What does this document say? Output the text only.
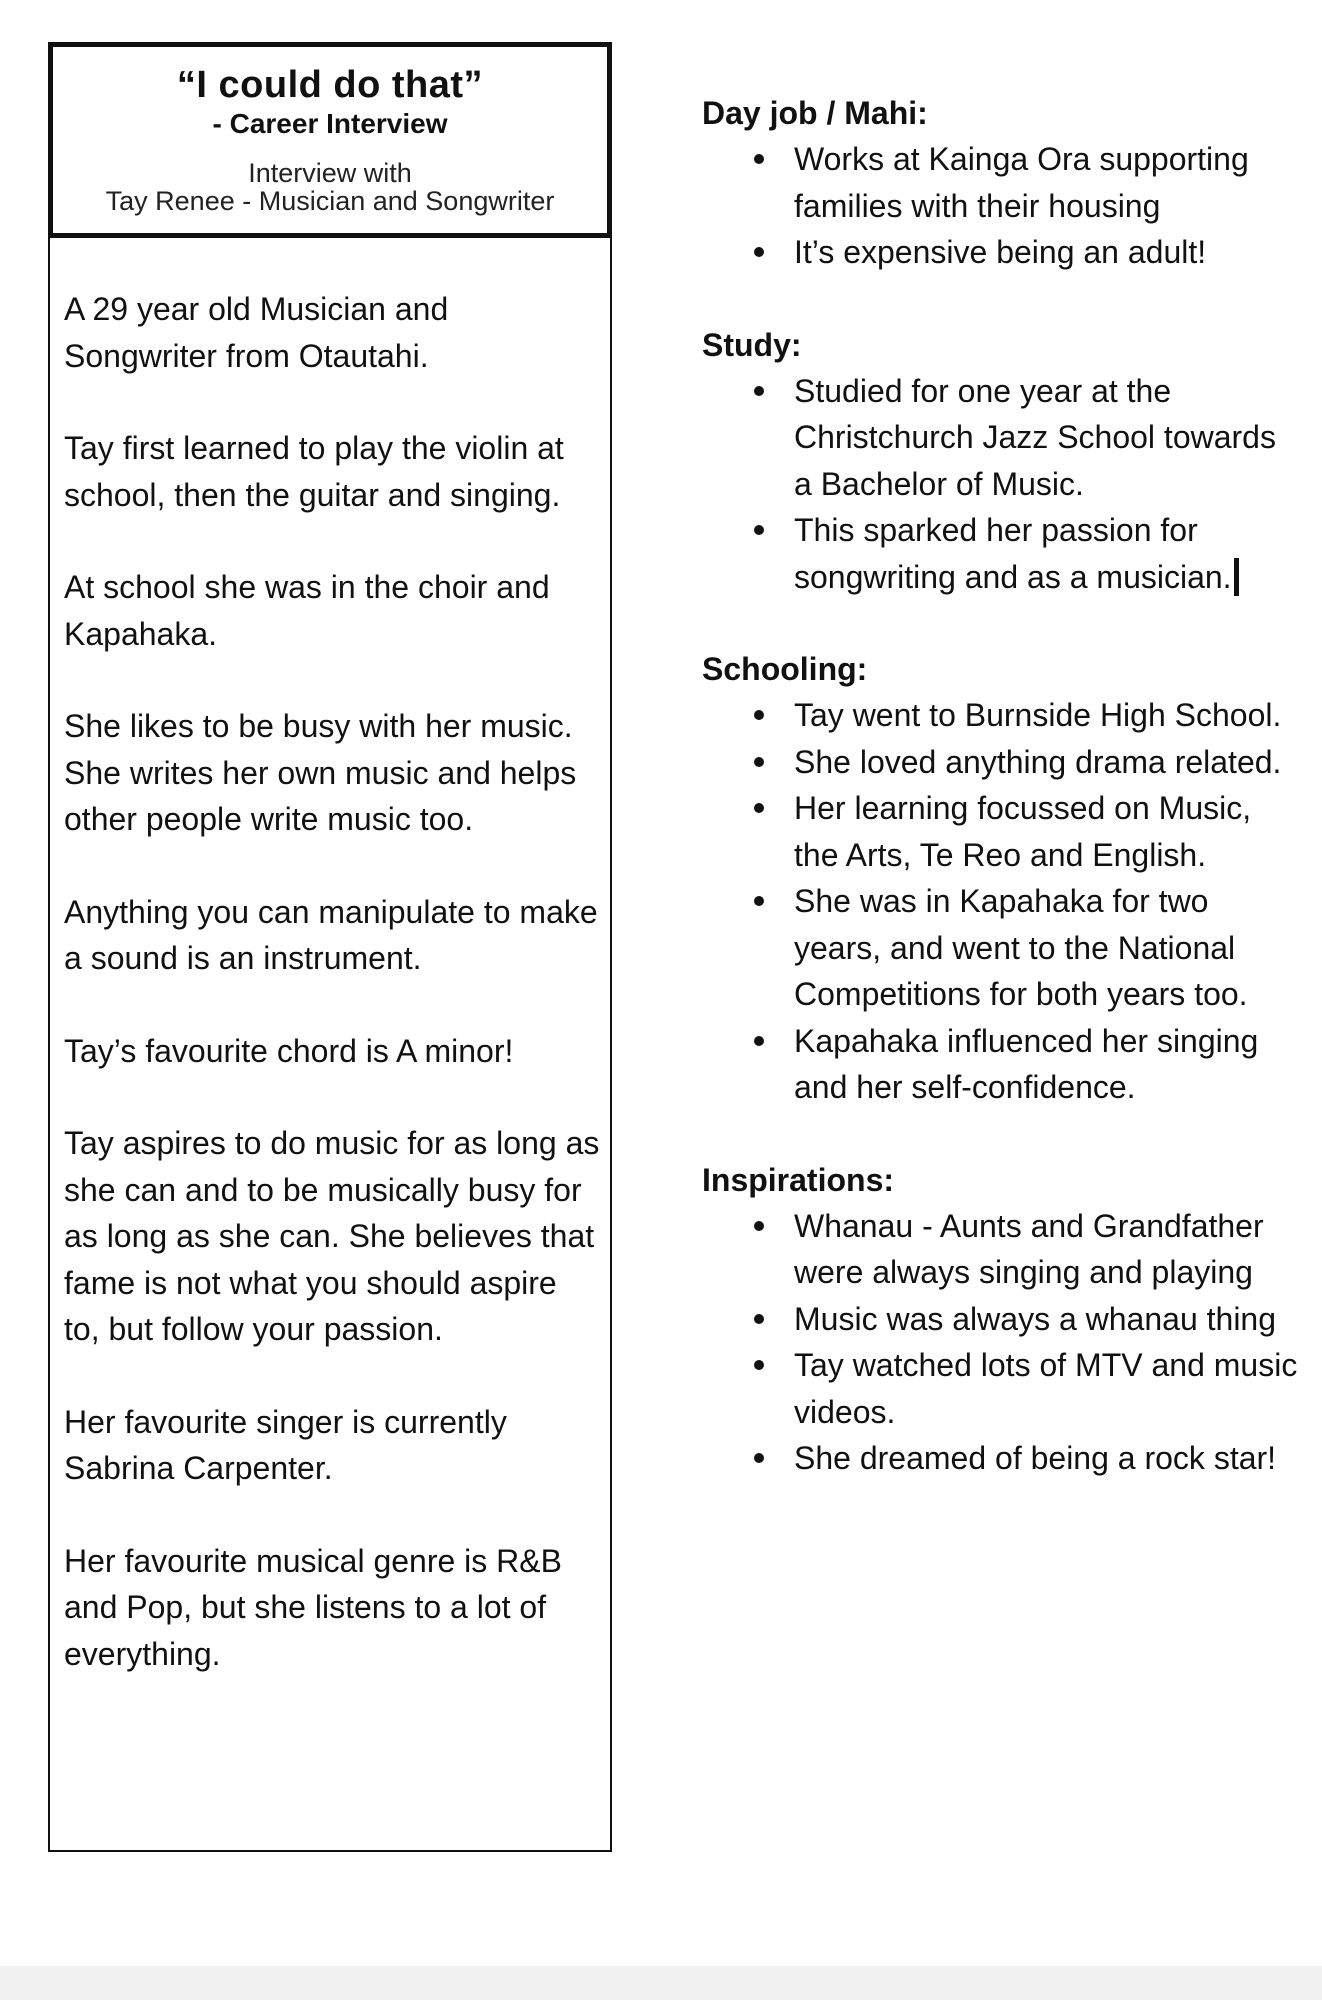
“I could do that”
- Career Interview
Interview with
Tay Renee - Musician and Songwriter

A 29 year old Musician and Songwriter from Otautahi.

Tay first learned to play the violin at school, then the guitar and singing.

At school she was in the choir and Kapahaka.

She likes to be busy with her music. She writes her own music and helps other people write music too.

Anything you can manipulate to make a sound is an instrument.

Tay’s favourite chord is A minor!

Tay aspires to do music for as long as she can and to be musically busy for as long as she can. She believes that fame is not what you should aspire to, but follow your passion.

Her favourite singer is currently Sabrina Carpenter.

Her favourite musical genre is R&B and Pop, but she listens to a lot of everything.

Day job / Mahi:
Works at Kainga Ora supporting families with their housing
It’s expensive being an adult!
Study:
Studied for one year at the Christchurch Jazz School towards a Bachelor of Music.
This sparked her passion for songwriting and as a musician.
Schooling:
Tay went to Burnside High School.
She loved anything drama related.
Her learning focussed on Music, the Arts, Te Reo and English.
She was in Kapahaka for two years, and went to the National Competitions for both years too.
Kapahaka influenced her singing and her self-confidence.
Inspirations:
Whanau - Aunts and Grandfather were always singing and playing
Music was always a whanau thing
Tay watched lots of MTV and music videos.
She dreamed of being a rock star!
